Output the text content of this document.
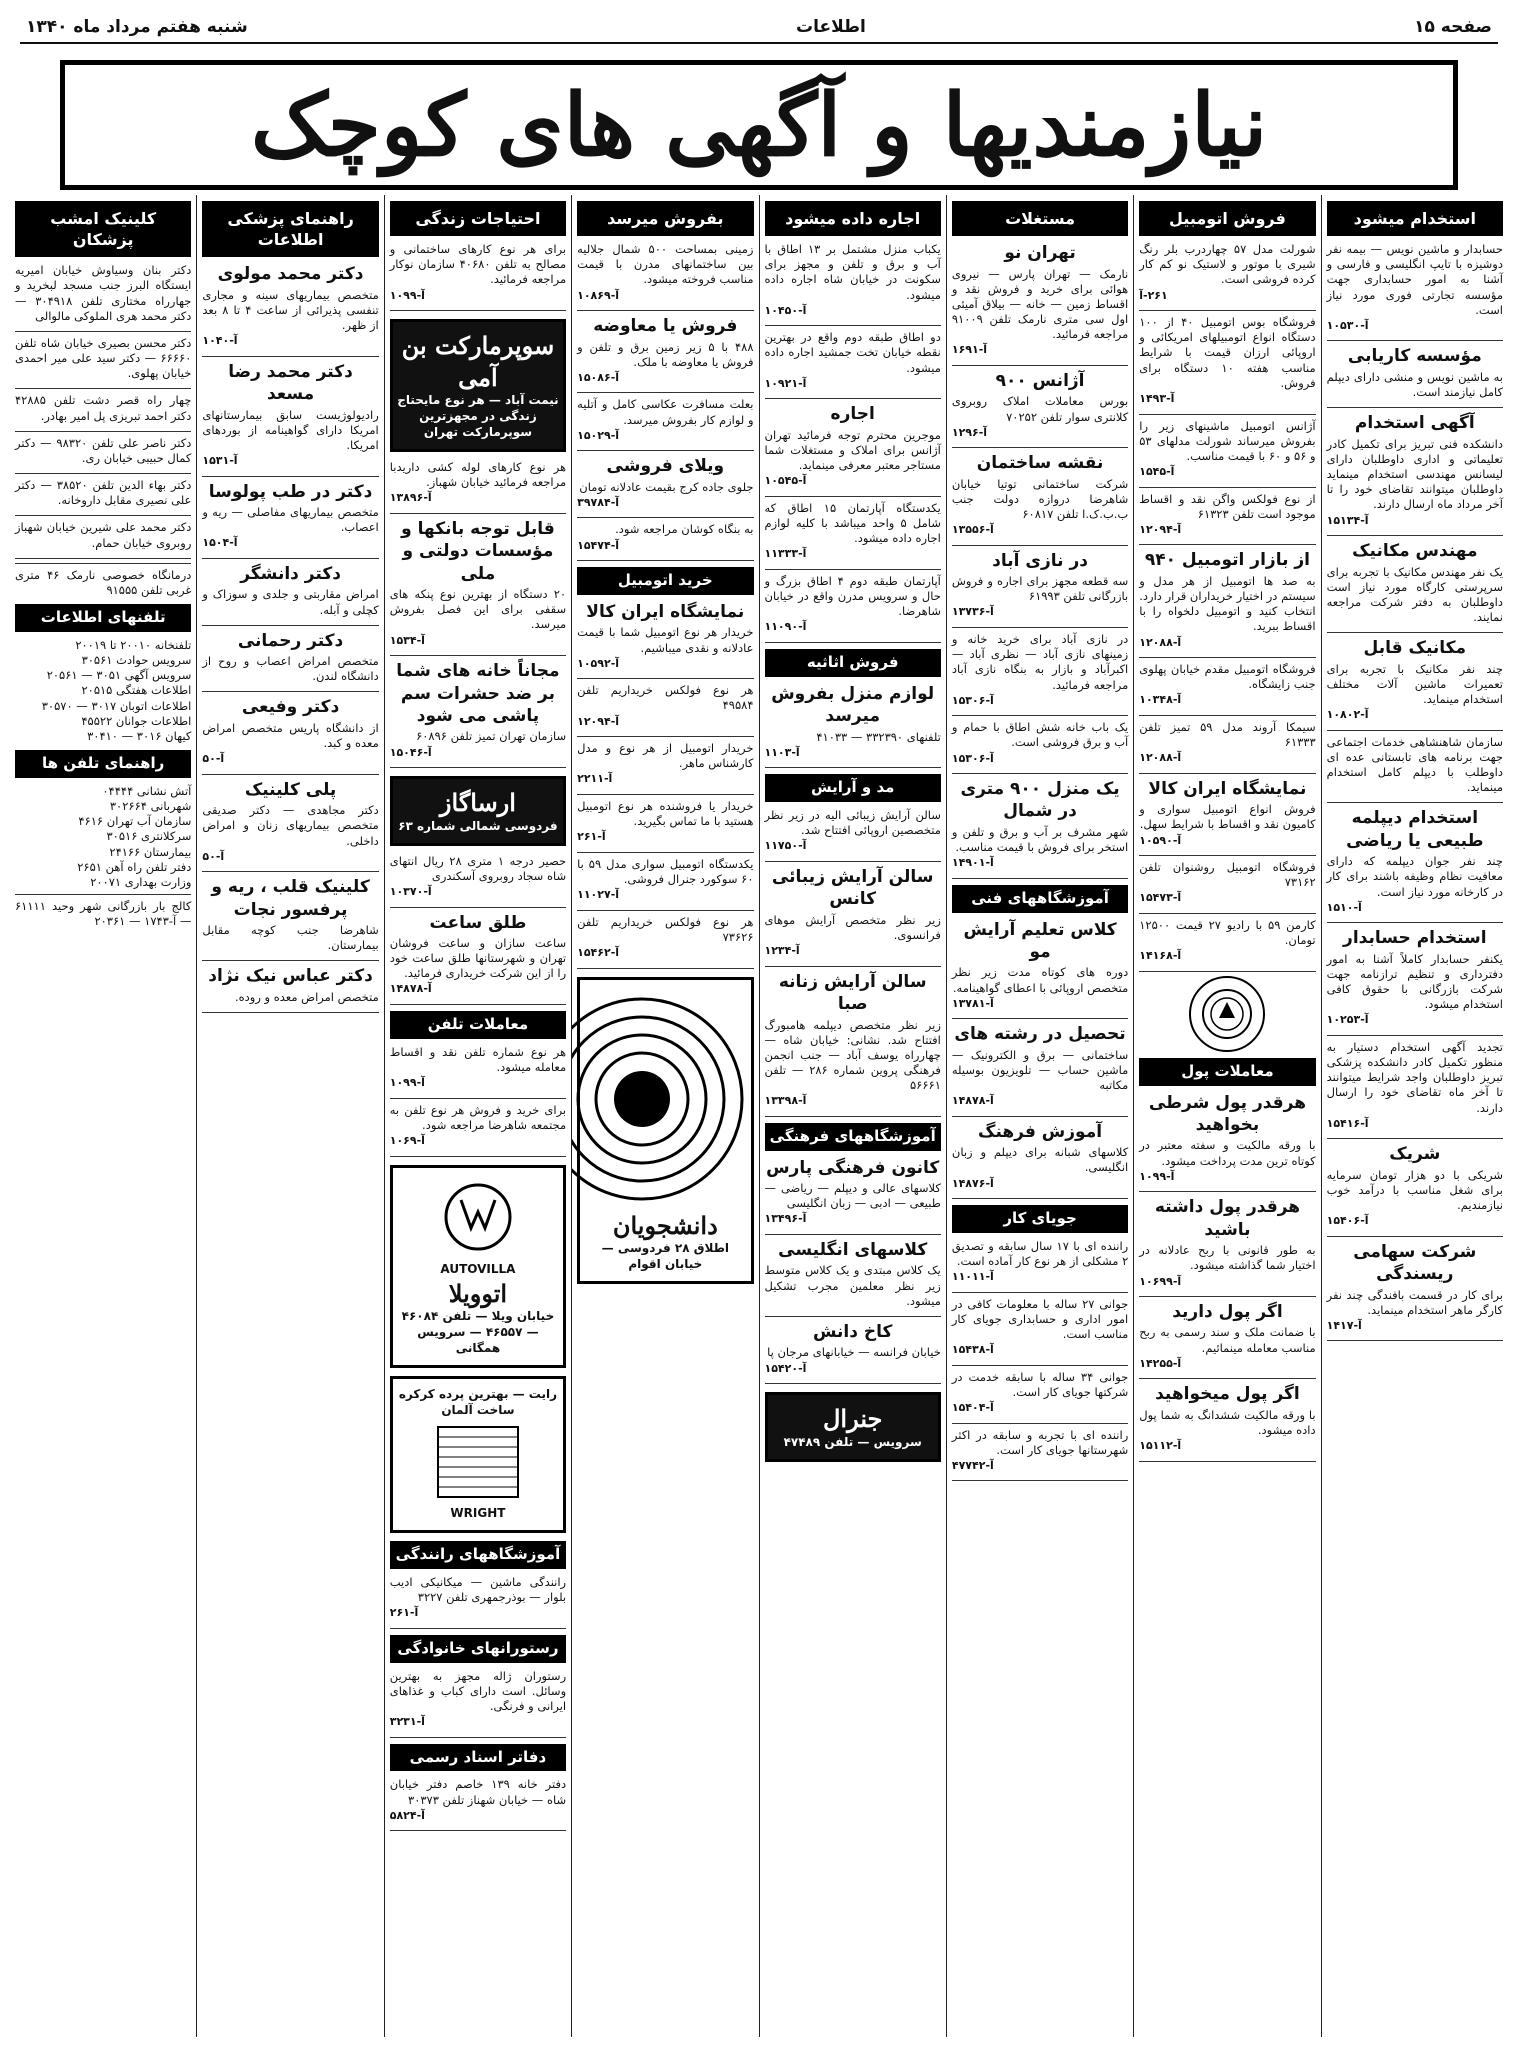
صفحه ۱۵
اطلاعات
شنبه هفتم مرداد ماه ۱۳۴۰
نیازمندیها و آگهی های کوچک
استخدام میشود
حسابدار و ماشین نویس — بیمه نفر دوشیزه با تایپ انگلیسی و فارسی و آشنا به امور حسابداری جهت مؤسسه تجارتی فوری مورد نیاز است.
آ-۱۰۵۳۰
مؤسسه کاریابی
به ماشین نویس و منشی دارای دیپلم کامل نیازمند است.
آگهی استخدام
دانشکده فنی تبریز برای تکمیل کادر تعلیماتی و اداری داوطلبان دارای لیسانس مهندسی استخدام مینماید داوطلبان میتوانند تقاضای خود را تا آخر مرداد ماه ارسال دارند.
آ-۱۵۱۳۴
مهندس مکانیک
یک نفر مهندس مکانیک با تجربه برای سرپرستی کارگاه مورد نیاز است داوطلبان به دفتر شرکت مراجعه نمایند.
مکانیک قابل
چند نفر مکانیک با تجربه برای تعمیرات ماشین آلات مختلف استخدام مینماید.
آ-۱۰۸۰۲
سازمان شاهنشاهی خدمات اجتماعی جهت برنامه های تابستانی عده ای داوطلب با دیپلم کامل استخدام مینماید.
استخدام دیپلمه طبیعی یا ریاضی
چند نفر جوان دیپلمه که دارای معافیت نظام وظیفه باشند برای کار در کارخانه مورد نیاز است.
آ-۱۵۱۰
استخدام حسابدار
یکنفر حسابدار کاملاً آشنا به امور دفترداری و تنظیم ترازنامه جهت شرکت بازرگانی با حقوق کافی استخدام میشود.
آ-۱۰۲۵۳
تجدید آگهی استخدام دستیار به منظور تکمیل کادر دانشکده پزشکی تبریز داوطلبان واجد شرایط میتوانند تا آخر ماه تقاضای خود را ارسال دارند.
آ-۱۵۴۱۶
شریک
شریکی با دو هزار تومان سرمایه برای شغل مناسب با درآمد خوب نیازمندیم.
آ-۱۵۴۰۶
شرکت سهامی ریسندگی
برای کار در قسمت بافندگی چند نفر کارگر ماهر استخدام مینماید.
آ-۱۴۱۷
فروش اتومبیل
شورلت مدل ۵۷ چهاردرب بلر رنگ شیری با موتور و لاستیک نو کم کار کرده فروشی است.
۲۶۱-آ
فروشگاه بوس اتومبیل ۴۰ از ۱۰۰ دستگاه انواع اتومبیلهای امریکائی و اروپائی ارزان قیمت با شرایط مناسب هفته ۱۰ دستگاه برای فروش.
آ-۱۴۹۳
آژانس اتومبیل ماشینهای زیر را بفروش میرساند شورلت مدلهای ۵۳ و ۵۶ و ۶۰ با قیمت مناسب.
آ-۱۵۴۵
از نوع فولکس واگن نقد و اقساط موجود است تلفن ۶۱۳۲۳
آ-۱۲۰۹۴
از بازار اتومبیل ۹۴۰
به صد ها اتومبیل از هر مدل و سیستم در اختیار خریداران قرار دارد. انتخاب کنید و اتومبیل دلخواه را با اقساط ببرید.
آ-۱۲۰۸۸
فروشگاه اتومبیل مقدم خیابان پهلوی جنب زایشگاه.
آ-۱۰۳۴۸
سیمکا آروند مدل ۵۹ تمیز تلفن ۶۱۳۳۳
آ-۱۲۰۸۸
نمایشگاه ایران کالا
فروش انواع اتومبیل سواری و کامیون نقد و اقساط با شرایط سهل.
آ-۱۰۵۹۰
فروشگاه اتومبیل روشنوان تلفن ۷۳۱۶۲
آ-۱۵۴۷۳
کارمن ۵۹ با رادیو ۲۷ قیمت ۱۲۵۰۰ تومان.
آ-۱۴۱۶۸
معاملات پول
هرقدر پول شرطی بخواهید
با ورقه مالکیت و سفته معتبر در کوتاه ترین مدت پرداخت میشود.
آ-۱۰۹۹
هرقدر پول داشته باشید
به طور قانونی با ربح عادلانه در اختیار شما گذاشته میشود.
آ-۱۰۶۹۹
اگر پول دارید
با ضمانت ملک و سند رسمی به ربح مناسب معامله مینمائیم.
آ-۱۴۲۵۵
اگر پول میخواهید
با ورقه مالکیت ششدانگ به شما پول داده میشود.
آ-۱۵۱۱۲
مستغلات
تهران نو
نارمک — تهران پارس — نیروی هوائی برای خرید و فروش نقد و اقساط زمین — خانه — بیلاق آمیئی اول سی متری نارمک تلفن ۹۱۰۰۹ مراجعه فرمائید.
آ-۱۶۹۱
آژانس ۹۰۰
بورس معاملات املاک روبروی کلانتری سوار تلفن ۷۰۲۵۲
آ-۱۲۹۶
نقشه ساختمان
شرکت ساختمانی توتیا خیابان شاهرضا دروازه دولت جنب ب.ب.ک.ا تلفن ۶۰۸۱۷
آ-۱۳۵۵۶
در نازی آباد
سه قطعه مجهز برای اجاره و فروش بازرگانی تلفن ۶۱۹۹۳
آ-۱۳۷۳۶
در نازی آباد برای خرید خانه و زمینهای نازی آباد — نظری آباد — اکبرآباد و بازار به بنگاه نازی آباد مراجعه فرمائید.
آ-۱۵۳۰۶
یک باب خانه شش اطاق با حمام و آب و برق فروشی است.
آ-۱۵۳۰۶
یک منزل ۹۰۰ متری در شمال
شهر مشرف بر آب و برق و تلفن و استخر برای فروش با قیمت مناسب.
آ-۱۴۹۰۱
آموزشگاههای فنی
کلاس تعلیم آرایش مو
دوره های کوتاه مدت زیر نظر متخصص اروپائی با اعطای گواهینامه.
آ-۱۳۷۸۱
تحصیل در رشته های
ساختمانی — برق و الکترونیک — ماشین حساب — تلویزیون بوسیله مکاتبه
آ-۱۴۸۷۸
آموزش فرهنگ
کلاسهای شبانه برای دیپلم و زبان انگلیسی.
آ-۱۴۸۷۶
جویای کار
راننده ای با ۱۷ سال سابقه و تصدیق ۲ مشکلی از هر نوع کار آماده است.
آ-۱۱۰۱۱
جوانی ۲۷ ساله با معلومات کافی در امور اداری و حسابداری جویای کار مناسب است.
آ-۱۵۴۳۸
جوانی ۳۴ ساله با سابقه خدمت در شرکتها جویای کار است.
آ-۱۵۴۰۴
راننده ای با تجربه و سابقه در اکثر شهرستانها جویای کار است.
آ-۴۷۷۴۲
اجاره داده میشود
یکباب منزل مشتمل بر ۱۳ اطاق با آب و برق و تلفن و مجهز برای سکونت در خیابان شاه اجاره داده میشود.
آ-۱۰۴۵۰
دو اطاق طبقه دوم واقع در بهترین نقطه خیابان تخت جمشید اجاره داده میشود.
آ-۱۰۹۲۱
اجاره
موجرین محترم توجه فرمائید تهران آژانس برای املاک و مستغلات شما مستاجر معتبر معرفی مینماید.
آ-۱۰۵۴۵
یکدستگاه آپارتمان ۱۵ اطاق که شامل ۵ واحد میباشد با کلیه لوازم اجاره داده میشود.
آ-۱۱۳۳۳
آپارتمان طبقه دوم ۴ اطاق بزرگ و حال و سرویس مدرن واقع در خیابان شاهرضا.
آ-۱۱۰۹۰
فروش اثاثیه
لوازم منزل بفروش میرسد
تلفنهای ۳۳۲۳۹۰ — ۴۱۰۳۳
آ-۱۱۰۳
مد و آرایش
سالن آرایش زیبائی الیه در زیر نظر متخصصین اروپائی افتتاح شد.
آ-۱۱۷۵۰
سالن آرایش زیبائی کانس
زیر نظر متخصص آرایش موهای فرانسوی.
آ-۱۲۳۴
سالن آرایش زنانه صبا
زیر نظر متخصص دیپلمه هامبورگ افتتاح شد. نشانی: خیابان شاه — چهارراه یوسف آباد — جنب انجمن فرهنگی پروین شماره ۲۸۶ — تلفن ۵۶۶۶۱
آ-۱۳۳۹۸
آموزشگاههای فرهنگی
کانون فرهنگی پارس
کلاسهای عالی و دیپلم — ریاضی — طبیعی — ادبی — زبان انگلیسی
آ-۱۳۴۹۶
کلاسهای انگلیسی
یک کلاس مبتدی و یک کلاس متوسط زیر نظر معلمین مجرب تشکیل میشود.
کاخ دانش
خیابان فرانسه — خیابانهای مرجان پا
آ-۱۵۴۲۰
جنرال
سرویس — تلفن ۴۷۴۸۹
بفروش میرسد
زمینی بمساحت ۵۰۰ شمال جلالیه بین ساختمانهای مدرن با قیمت مناسب فروخته میشود.
آ-۱۰۸۶۹
فروش یا معاوضه
۴۸۸ با ۵ زیر زمین برق و تلفن و فروش یا معاوضه با ملک.
آ-۱۵۰۸۶
بعلت مسافرت عکاسی کامل و آتلیه و لوازم کار بفروش میرسد.
آ-۱۵۰۲۹
ویلای فروشی
جلوی جاده کرج بقیمت عادلانه تومان
آ-۳۹۷۸۴
به بنگاه کوشان مراجعه شود.
آ-۱۵۴۷۴
خرید اتومبیل
نمایشگاه ایران کالا
خریدار هر نوع اتومبیل شما با قیمت عادلانه و نقدی میباشیم.
آ-۱۰۵۹۲
هر نوع فولکس خریداریم تلفن ۴۹۵۸۴
آ-۱۲۰۹۴
خریدار اتومبیل از هر نوع و مدل کارشناس ماهر.
آ-۲۲۱۱
خریدار یا فروشنده هر نوع اتومبیل هستید با ما تماس بگیرید.
آ-۲۶۱
یکدستگاه اتومبیل سواری مدل ۵۹ با ۶۰ سوکورد جنرال فروشی.
آ-۱۱۰۲۷
هر نوع فولکس خریداریم تلفن ۷۳۶۲۶
آ-۱۵۴۶۲
دانشجویان
اطلاق ۲۸ فردوسی — خیابان اقوام
احتیاجات زندگی
برای هر نوع کارهای ساختمانی و مصالح به تلفن ۴۰۶۸۰ سازمان نوکار مراجعه فرمائید.
آ-۱۰۹۹
سوپرمارکت بن آمی
نیمت آباد — هر نوع مایحتاج زندگی در مجهزترین سوپرمارکت تهران
هر نوع کارهای لوله کشی داریدبا مراجعه فرمائید خیابان شهباز.
آ-۱۳۸۹۶
قابل توجه بانکها و مؤسسات دولتی و ملی
۲۰ دستگاه از بهترین نوع پنکه های سقفی برای این فصل بفروش میرسد.
آ-۱۵۳۴
مجاناً خانه های شما بر ضد حشرات سم پاشی می شود
سازمان تهران تمیز تلفن ۶۰۸۹۶
آ-۱۵۰۴۶
ارساگاز
فردوسی شمالی شماره ۶۳
حصیر درجه ۱ متری ۲۸ ریال انتهای شاه سجاد روبروی آسکندری
آ-۱۰۳۷۰
طلق ساعت
ساعت سازان و ساعت فروشان تهران و شهرستانها طلق ساعت خود را از این شرکت خریداری فرمائید.
آ-۱۴۸۷۸
معاملات تلفن
هر نوع شماره تلفن نقد و اقساط معامله میشود.
آ-۱۰۹۹
برای خرید و فروش هر نوع تلفن به مجتمعه شاهرضا مراجعه شود.
آ-۱۰۶۹
AUTOVILLA
اتوویلا
خیابان ویلا — تلفن ۴۶۰۸۴ — ۴۶۵۵۷ — سرویس همگانی
رایت — بهترین پرده کرکره ساخت آلمان
WRIGHT
آموزشگاههای رانندگی
رانندگی ماشین — میکانیکی ادیب بلوار — بوذرجمهری تلفن ۳۲۲۷
آ-۲۶۱
رستورانهای خانوادگی
رستوران ژاله مجهز به بهترین وسائل. است دارای کباب و غذاهای ایرانی و فرنگی.
آ-۳۲۳۱
دفاتر اسناد رسمی
دفتر خانه ۱۳۹ خاصم دفتر خیابان شاه — خیابان شهناز تلفن ۳۰۳۷۳
آ-۵۸۲۴
راهنمای پزشکی اطلاعات
دکتر محمد مولوی
متخصص بیماریهای سینه و مجاری تنفسی پذیرائی از ساعت ۴ تا ۸ بعد از ظهر.
آ-۱۰۴۰
دکتر محمد رضا مسعد
رادیولوژیست سابق بیمارستانهای امریکا دارای گواهینامه از بوردهای امریکا.
آ-۱۵۳۱
دکتر در طب پولوسا
متخصص بیماریهای مفاصلی — ریه و اعصاب.
آ-۱۵۰۴
دکتر دانشگر
امراض مقاربتی و جلدی و سوزاک و کچلی و آبله.
دکتر رحمانی
متخصص امراض اعصاب و روح از دانشگاه لندن.
دکتر وفیعی
از دانشگاه پاریس متخصص امراض معده و کبد.
آ-۵۰
پلی کلینیک
دکتر مجاهدی — دکتر صدیقی متخصص بیماریهای زنان و امراض داخلی.
آ-۵۰
کلینیک قلب ، ریه و پرفسور نجات
شاهرضا جنب کوچه مقابل بیمارستان.
دکتر عباس نیک نژاد
متخصص امراض معده و روده.
کلینیک امشب پزشکان
دکتر بنان وسیاوش خیابان امیریه ایستگاه البرز جنب مسجد لبخرید و جهارراه مختاری تلفن ۳۰۴۹۱۸ — دکتر محمد هری الملوکی مالوالی
دکتر محسن بصیری خیابان شاه تلفن ۶۶۶۶۰ — دکتر سید علی میر احمدی خیابان پهلوی.
چهار راه قصر دشت تلفن ۴۲۸۸۵ دکتر احمد تبریزی پل امیر بهادر.
دکتر ناصر علی تلفن ۹۸۳۲۰ — دکتر کمال حبیبی خیابان ری.
دکتر بهاء الدین تلفن ۳۸۵۲۰ — دکتر علی نصیری مقابل داروخانه.
دکتر محمد علی شیرین خیابان شهباز روبروی خیابان حمام.
درمانگاه خصوصی نارمک ۴۶ متری غربی تلفن ۹۱۵۵۵
تلفنهای اطلاعات
تلفنخانه ۲۰۰۱۰ تا ۲۰۰۱۹
سرویس حوادث ۳۰۵۶۱
سرویس آگهی ۳۰۵۱ — ۲۰۵۶۱
اطلاعات هفتگی ۲۰۵۱۵
اطلاعات اتوبان ۳۰۱۷ — ۳۰۵۷۰
اطلاعات جوانان ۴۵۵۲۲
کیهان ۳۰۱۶ — ۳۰۴۱۰
راهنمای تلفن ها
آتش نشانی ۰۴۴۴۴
شهربانی ۳۰۲۶۶۴
سازمان آب تهران ۴۶۱۶
سرکلانتری ۳۰۵۱۶
بیمارستان ۲۴۱۶۶
دفتر تلفن راه آهن ۲۶۵۱
وزارت بهداری ۲۰۰۷۱
کالج بار بازرگانی شهر وحید ۶۱۱۱۱ — آ-۱۷۴۳ — ۲۰۳۶۱
